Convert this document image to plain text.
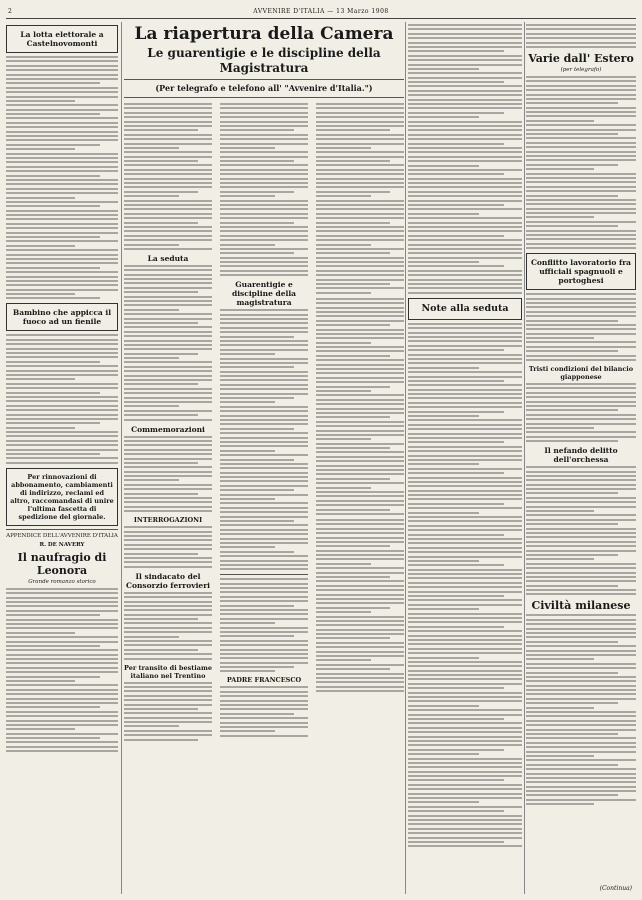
2	AVVENIRE D'ITALIA — 13 Marzo 1908
La lotta elettorale a Castelnovomonti
Bambino che appicca il fuoco ad un fienile
Per rinnovazioni di abbonamento, cambiamenti di indirizzo, reclami ed altro, raccomandasi di unire l'ultima fascetta di spedizione del giornale.
APPENDICE DELL'AVVENIRE D'ITALIA
R. DE NAVERY
Il naufragio di Leonora
Grande romanzo storico
La riapertura della Camera
Le guarentigie e le discipline della Magistratura
(Per telegrafo e telefono all' "Avvenire d'Italia.")
La seduta
Commemorazioni
INTERROGAZIONI
Il sindacato del Consorzio ferrovieri
Per transito di bestiame italiano nel Trentino
Guarentigie e discipline della magistratura
PADRE FRANCESCO
Note alla seduta
Varie dall' Estero
(per telegrafo)
Conflitto lavoratorio fra ufficiali spagnuoli e portoghesi
Tristi condizioni del bilancio giapponese
Il nefando delitto dell'orchessa
Civiltà milanese
(Continua)
